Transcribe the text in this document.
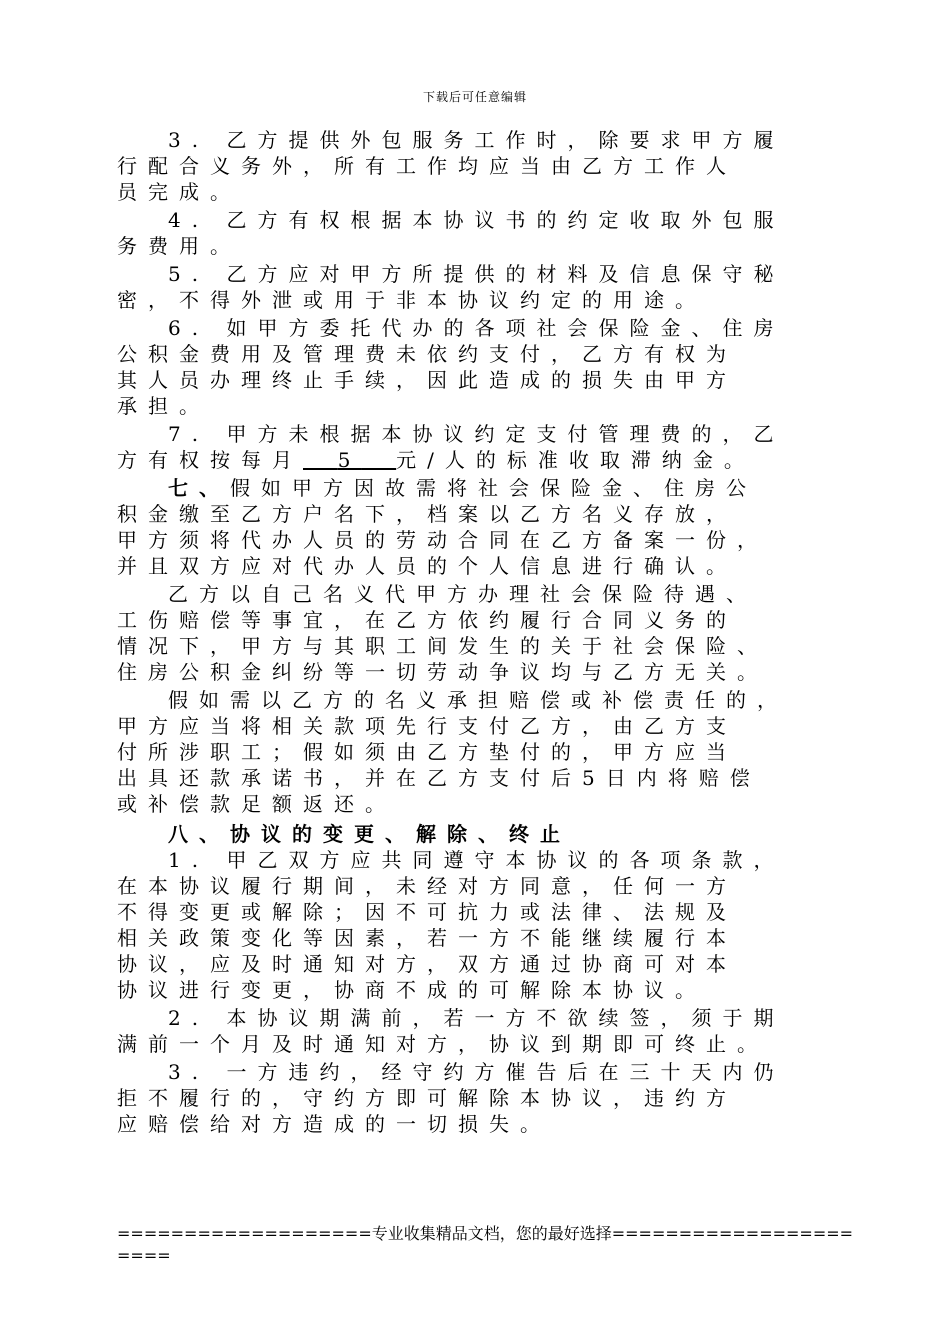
下载后可任意编辑
3. 乙方提供外包服务工作时，除要求甲方履
行配合义务外，所有工作均应当由乙方工作人
员完成。
4. 乙方有权根据本协议书的约定收取外包服
务费用。
5. 乙方应对甲方所提供的材料及信息保守秘
密，不得外泄或用于非本协议约定的用途。
6. 如甲方委托代办的各项社会保险金、住房
公积金费用及管理费未依约支付，乙方有权为
其人员办理终止手续，因此造成的损失由甲方
承担。
7. 甲方未根据本协议约定支付管理费的，乙
方有权按每月 5 元/人的标准收取滞纳金。
七、假如甲方因故需将社会保险金、住房公
积金缴至乙方户名下，档案以乙方名义存放，
甲方须将代办人员的劳动合同在乙方备案一份，
并且双方应对代办人员的个人信息进行确认。
乙方以自己名义代甲方办理社会保险待遇、
工伤赔偿等事宜，在乙方依约履行合同义务的
情况下，甲方与其职工间发生的关于社会保险、
住房公积金纠纷等一切劳动争议均与乙方无关。
假如需以乙方的名义承担赔偿或补偿责任的，
甲方应当将相关款项先行支付乙方，由乙方支
付所涉职工；假如须由乙方垫付的，甲方应当
出具还款承诺书，并在乙方支付后5日内将赔偿
或补偿款足额返还。
八、协议的变更、解除、终止
1. 甲乙双方应共同遵守本协议的各项条款，
在本协议履行期间，未经对方同意，任何一方
不得变更或解除；因不可抗力或法律、法规及
相关政策变化等因素，若一方不能继续履行本
协议，应及时通知对方，双方通过协商可对本
协议进行变更，协商不成的可解除本协议。
2. 本协议期满前，若一方不欲续签，须于期
满前一个月及时通知对方，协议到期即可终止。
3. 一方违约，经守约方催告后在三十天内仍
拒不履行的，守约方即可解除本协议，违约方
应赔偿给对方造成的一切损失。
===================专业收集精品文档，您的最好选择==================
====
